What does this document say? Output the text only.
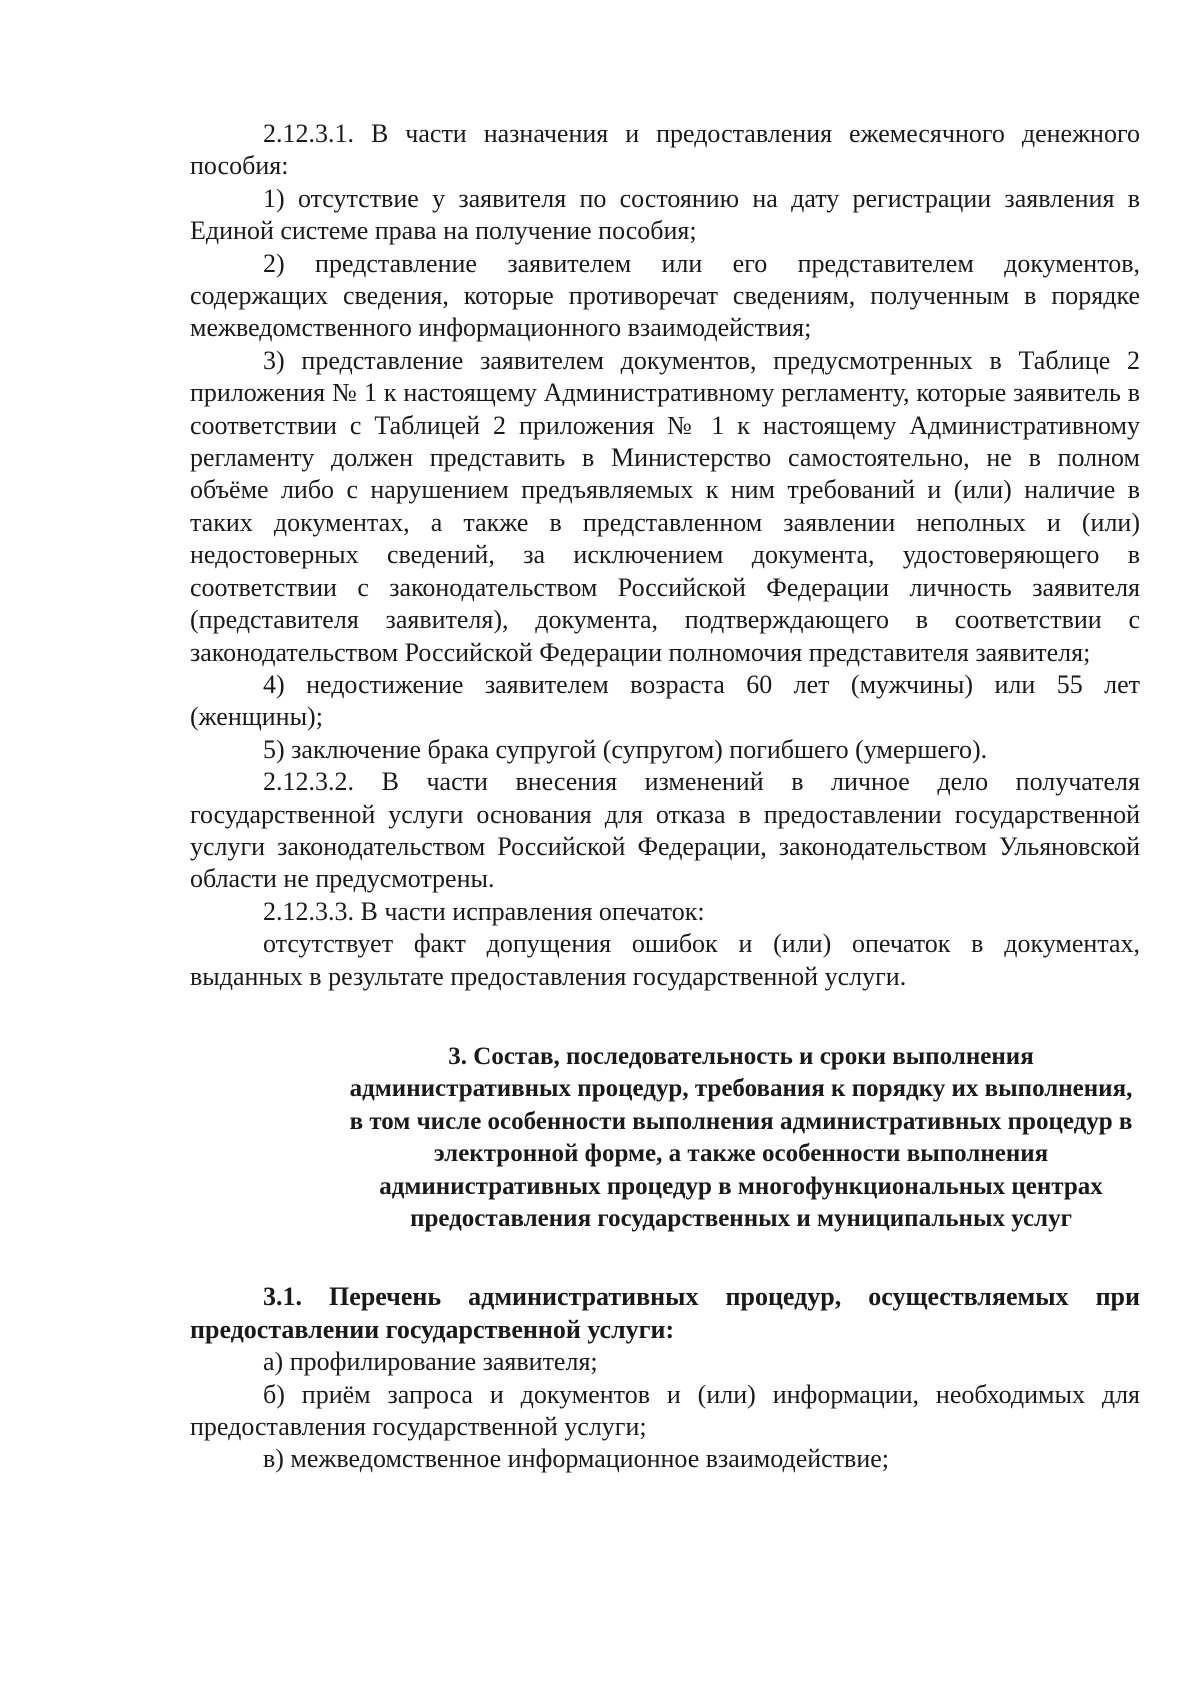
2.12.3.1. В части назначения и предоставления ежемесячного денежного пособия:

1) отсутствие у заявителя по состоянию на дату регистрации заявления в Единой системе права на получение пособия;

2) представление заявителем или его представителем документов, содержащих сведения, которые противоречат сведениям, полученным в порядке межведомственного информационного взаимодействия;

3) представление заявителем документов, предусмотренных в Таблице 2 приложения № 1 к настоящему Административному регламенту, которые заявитель в соответствии с Таблицей 2 приложения № 1 к настоящему Административному регламенту должен представить в Министерство самостоятельно, не в полном объёме либо с нарушением предъявляемых к ним требований и (или) наличие в таких документах, а также в представленном заявлении неполных и (или) недостоверных сведений, за исключением документа, удостоверяющего в соответствии с законодательством Российской Федерации личность заявителя (представителя заявителя), документа, подтверждающего в соответствии с законодательством Российской Федерации полномочия представителя заявителя;

4) недостижение заявителем возраста 60 лет (мужчины) или 55 лет (женщины);

5) заключение брака супругой (супругом) погибшего (умершего).

2.12.3.2. В части внесения изменений в личное дело получателя государственной услуги основания для отказа в предоставлении государственной услуги законодательством Российской Федерации, законодательством Ульяновской области не предусмотрены.

2.12.3.3. В части исправления опечаток:

отсутствует факт допущения ошибок и (или) опечаток в документах, выданных в результате предоставления государственной услуги.

3. Состав, последовательность и сроки выполнения административных процедур, требования к порядку их выполнения, в том числе особенности выполнения административных процедур в электронной форме, а также особенности выполнения административных процедур в многофункциональных центрах предоставления государственных и муниципальных услуг

3.1. Перечень административных процедур, осуществляемых при предоставлении государственной услуги:

а) профилирование заявителя;

б) приём запроса и документов и (или) информации, необходимых для предоставления государственной услуги;

в) межведомственное информационное взаимодействие;
